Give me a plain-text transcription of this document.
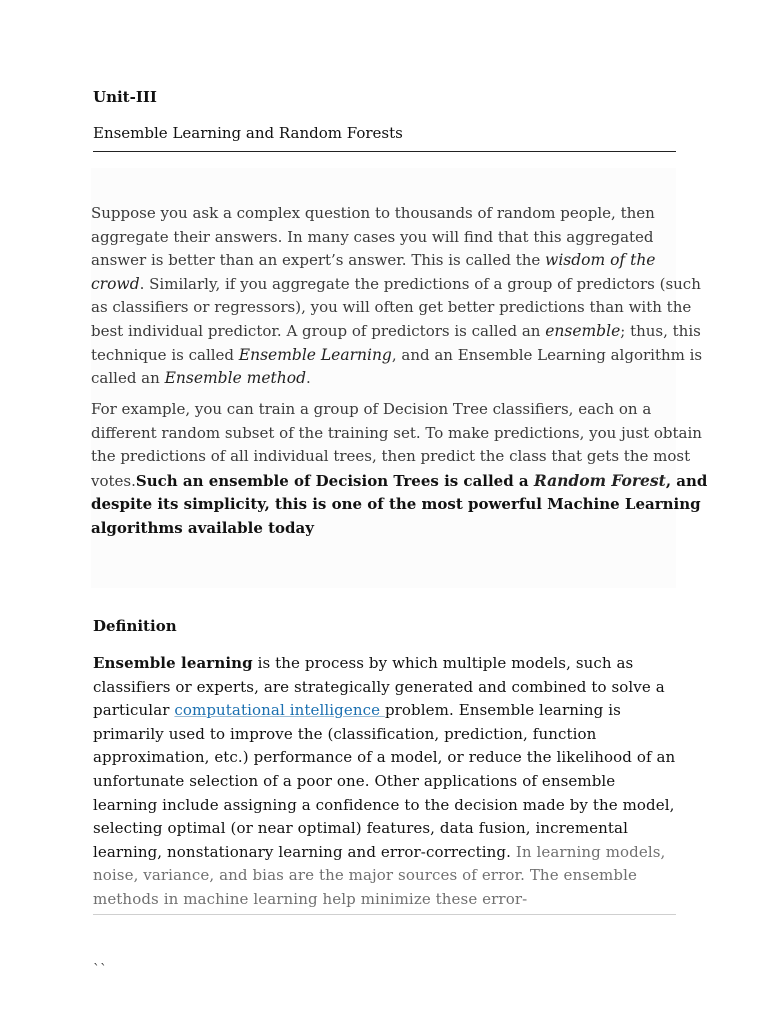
Unit-III
Ensemble Learning and Random Forests

Suppose you ask a complex question to thousands of random people, then aggregate their answers. In many cases you will find that this aggregated answer is better than an expert’s answer. This is called the wisdom of the crowd. Similarly, if you aggregate the predictions of a group of predictors (such as classifiers or regressors), you will often get better predictions than with the best individual predictor. A group of predictors is called an ensemble; thus, this technique is called Ensemble Learning, and an Ensemble Learning algorithm is called an Ensemble method.

For example, you can train a group of Decision Tree classifiers, each on a different random subset of the training set. To make predictions, you just obtain the predictions of all individual trees, then predict the class that gets the most votes.Such an ensemble of Decision Trees is called a Random Forest, and despite its simplicity, this is one of the most powerful Machine Learning algorithms available today

Definition

Ensemble learning is the process by which multiple models, such as classifiers or experts, are strategically generated and combined to solve a particular computational intelligence problem. Ensemble learning is primarily used to improve the (classification, prediction, function approximation, etc.) performance of a model, or reduce the likelihood of an unfortunate selection of a poor one. Other applications of ensemble learning include assigning a confidence to the decision made by the model, selecting optimal (or near optimal) features, data fusion, incremental learning, nonstationary learning and error-correcting. In learning models, noise, variance, and bias are the major sources of error. The ensemble methods in machine learning help minimize these error-

``
